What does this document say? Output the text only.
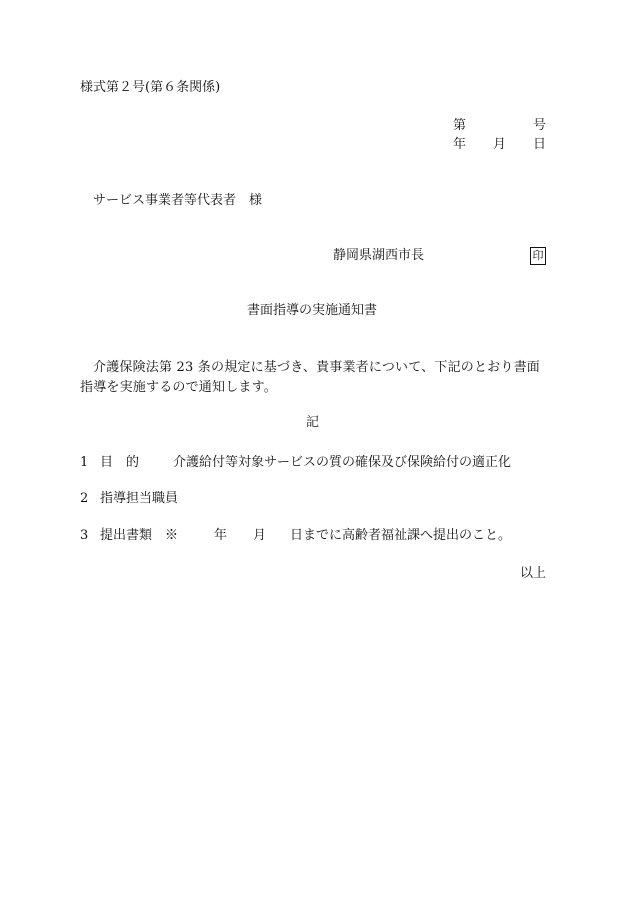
様式第２号(第６条関係)
第	号
年 月 日
サービス事業者等代表者　様
静岡県湖西市長	印
書面指導の実施通知書
介護保険法第 23 条の規定に基づき、貴事業者について、下記のとおり書面指導を実施するので通知します。
記
1 目　的	介護給付等対象サービスの質の確保及び保険給付の適正化
2 指導担当職員
3 提出書類　※	年 月 日までに高齢者福祉課へ提出のこと。
以上
